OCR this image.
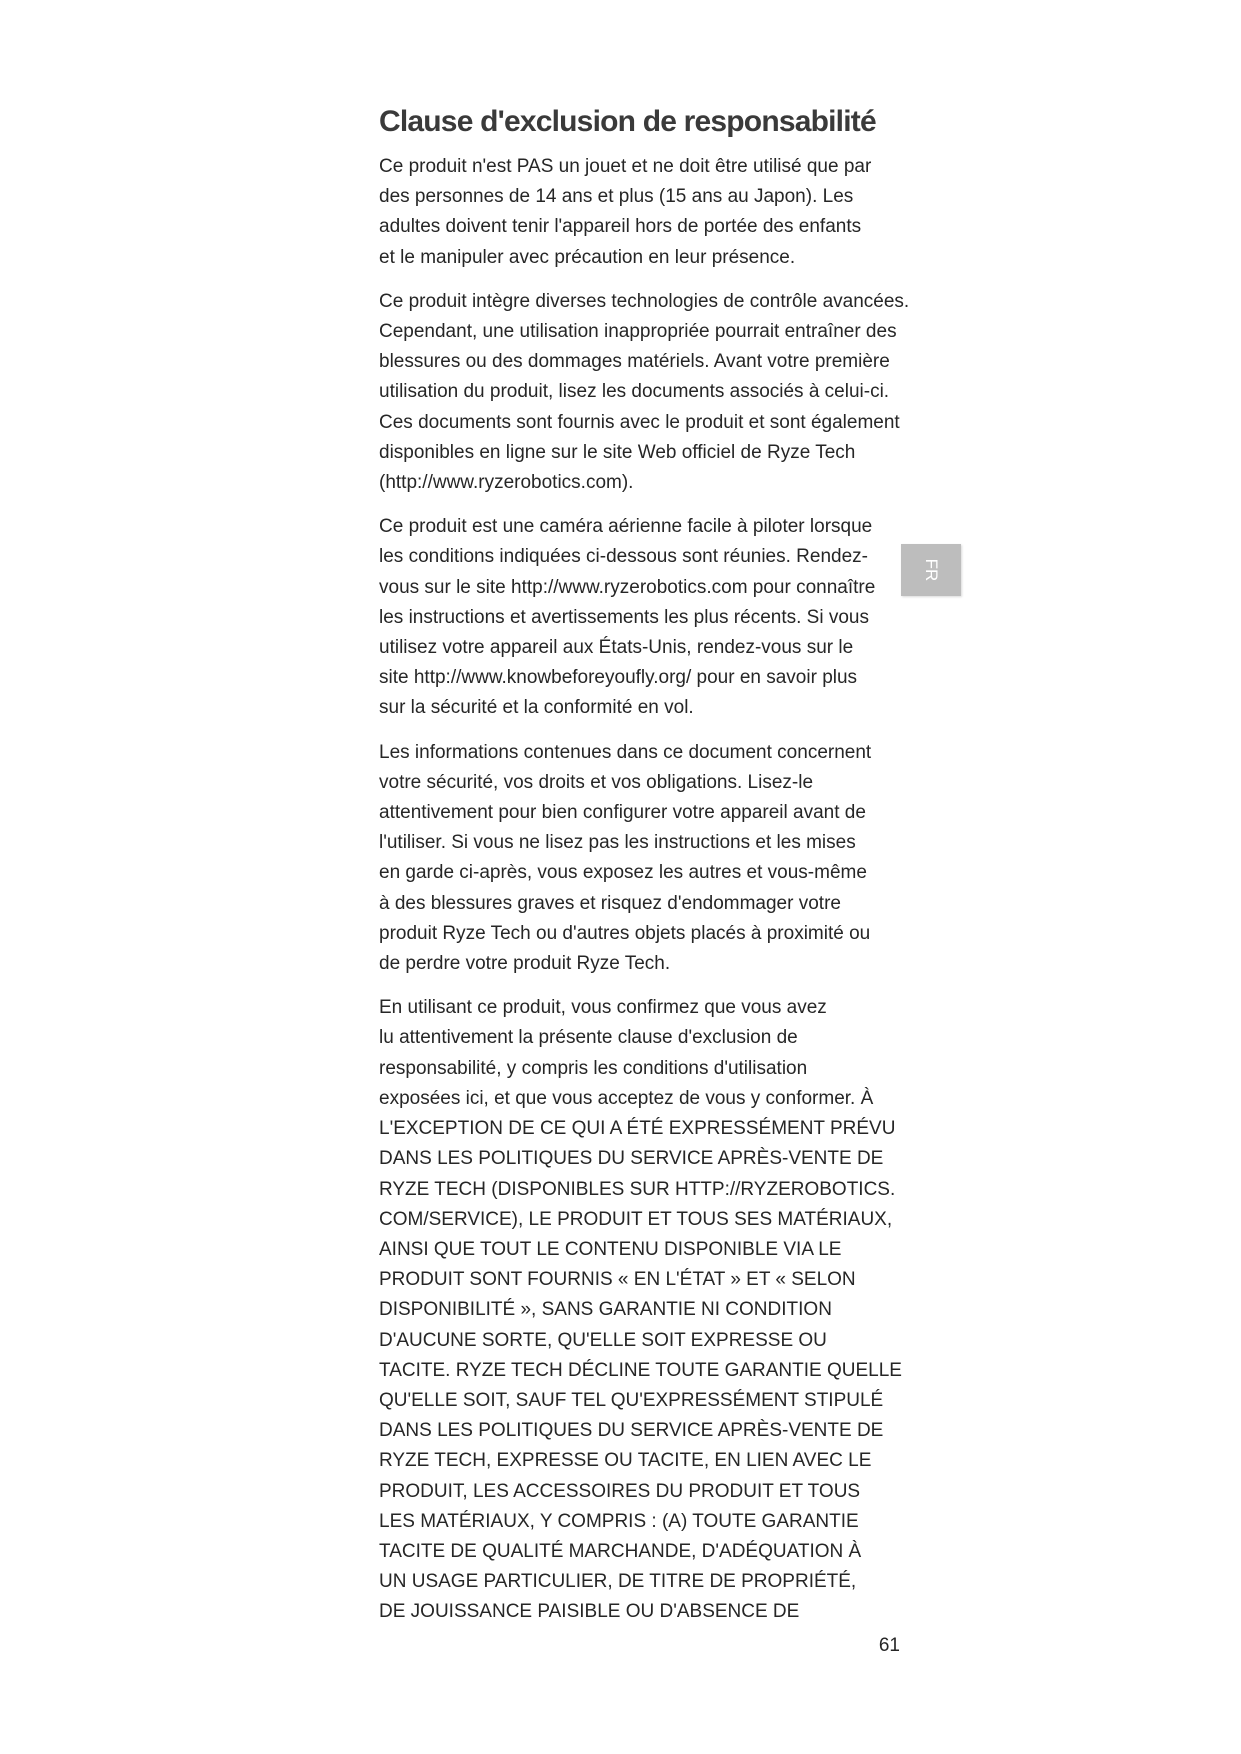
Clause d'exclusion de responsabilité

Ce produit n'est PAS un jouet et ne doit être utilisé que par
des personnes de 14 ans et plus (15 ans au Japon). Les
adultes doivent tenir l'appareil hors de portée des enfants
et le manipuler avec précaution en leur présence.

Ce produit intègre diverses technologies de contrôle avancées.
Cependant, une utilisation inappropriée pourrait entraîner des
blessures ou des dommages matériels. Avant votre première
utilisation du produit, lisez les documents associés à celui-ci.
Ces documents sont fournis avec le produit et sont également
disponibles en ligne sur le site Web officiel de Ryze Tech
(http://www.ryzerobotics.com).

Ce produit est une caméra aérienne facile à piloter lorsque
les conditions indiquées ci-dessous sont réunies. Rendez-
vous sur le site http://www.ryzerobotics.com pour connaître
les instructions et avertissements les plus récents. Si vous
utilisez votre appareil aux États-Unis, rendez-vous sur le
site http://www.knowbeforeyoufly.org/ pour en savoir plus
sur la sécurité et la conformité en vol.

Les informations contenues dans ce document concernent
votre sécurité, vos droits et vos obligations. Lisez-le
attentivement pour bien configurer votre appareil avant de
l'utiliser. Si vous ne lisez pas les instructions et les mises
en garde ci-après, vous exposez les autres et vous-même
à des blessures graves et risquez d'endommager votre
produit Ryze Tech ou d'autres objets placés à proximité ou
de perdre votre produit Ryze Tech.

En utilisant ce produit, vous confirmez que vous avez
lu attentivement la présente clause d'exclusion de
responsabilité, y compris les conditions d'utilisation
exposées ici, et que vous acceptez de vous y conformer. À
L'EXCEPTION DE CE QUI A ÉTÉ EXPRESSÉMENT PRÉVU
DANS LES POLITIQUES DU SERVICE APRÈS-VENTE DE
RYZE TECH (DISPONIBLES SUR HTTP://RYZEROBOTICS.
COM/SERVICE), LE PRODUIT ET TOUS SES MATÉRIAUX,
AINSI QUE TOUT LE CONTENU DISPONIBLE VIA LE
PRODUIT SONT FOURNIS « EN L'ÉTAT » ET « SELON
DISPONIBILITÉ », SANS GARANTIE NI CONDITION
D'AUCUNE SORTE, QU'ELLE SOIT EXPRESSE OU
TACITE. RYZE TECH DÉCLINE TOUTE GARANTIE QUELLE
QU'ELLE SOIT, SAUF TEL QU'EXPRESSÉMENT STIPULÉ
DANS LES POLITIQUES DU SERVICE APRÈS-VENTE DE
RYZE TECH, EXPRESSE OU TACITE, EN LIEN AVEC LE
PRODUIT, LES ACCESSOIRES DU PRODUIT ET TOUS
LES MATÉRIAUX, Y COMPRIS : (A) TOUTE GARANTIE
TACITE DE QUALITÉ MARCHANDE, D'ADÉQUATION À
UN USAGE PARTICULIER, DE TITRE DE PROPRIÉTÉ,
DE JOUISSANCE PAISIBLE OU D'ABSENCE DE

FR
61
